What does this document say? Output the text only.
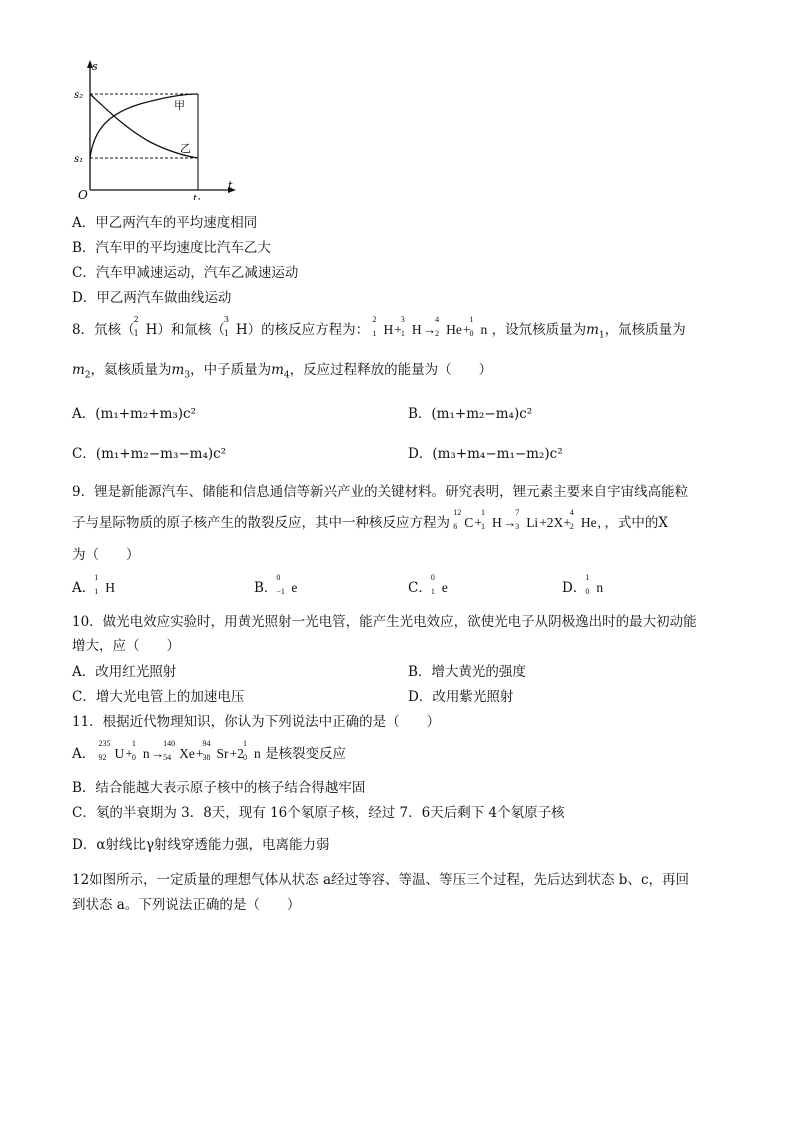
s
t
O
s₂
s₁
t₁
甲
乙
A．甲乙两汽车的平均速度相同
B．汽车甲的平均速度比汽车乙大
C．汽车甲减速运动，汽车乙减速运动
D．甲乙两汽车做曲线运动
8．氘核（
2
1 H）和氚核（
3
1 H）的核反应方程为：
2
1 H+
3
1 H→
4
2 He+
1
0 n ，设氘核质量为$m_1$，氚核质量为
$m_2$，氦核质量为$m_3$，中子质量为$m_4$，反应过程释放的能量为（　　）
A．(m₁+m₂+m₃)c²	B．(m₁+m₂−m₄)c²
C．(m₁+m₂−m₃−m₄)c²	D．(m₃+m₄−m₁−m₂)c²
9．锂是新能源汽车、储能和信息通信等新兴产业的关键材料。研究表明，锂元素主要来自宇宙线高能粒
子与星际物质的原子核产生的散裂反应，其中一种核反应方程为
12
6 C+
1
1 H→
7
3 Li+2X+
4
2 He, ，式中的X
为（　　）
A．
1
1 H	B．
0
−1 e	C．
0
1 e	D．
1
0 n
10．做光电效应实验时，用黄光照射一光电管，能产生光电效应，欲使光电子从阴极逸出时的最大初动能
增大，应（　　）
A．改用红光照射	B．增大黄光的强度
C．增大光电管上的加速电压	D．改用紫光照射
11．根据近代物理知识，你认为下列说法中正确的是（　　）
A．
235
92 U+
1
0 n→
140
54 Xe+
94
38 Sr+2
1
0 n 是核裂变反应
B．结合能越大表示原子核中的核子结合得越牢固
C．氡的半衰期为 3．8天，现有 16个氡原子核，经过 7．6天后剩下 4个氡原子核
D．α射线比γ射线穿透能力强，电离能力弱
12如图所示，一定质量的理想气体从状态 a经过等容、等温、等压三个过程，先后达到状态 b、c，再回
到状态 a。下列说法正确的是（　　）
